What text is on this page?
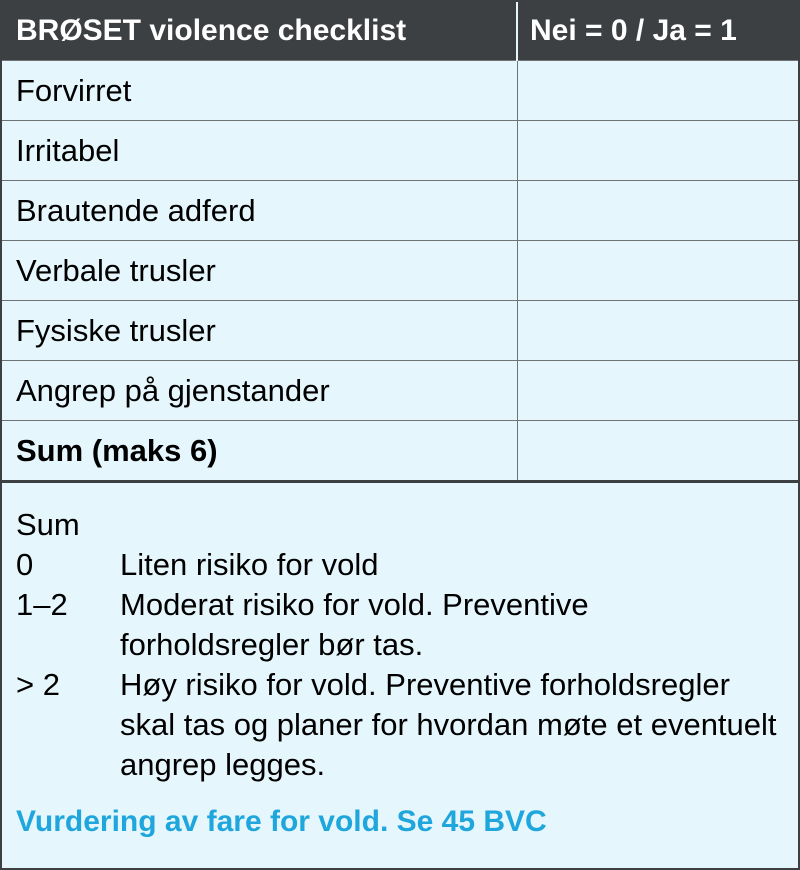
BRØSET violence checklist	Nei = 0 / Ja = 1
Forvirret	
Irritabel	
Brautende adferd	
Verbale trusler	
Fysiske trusler	
Angrep på gjenstander	
Sum (maks 6)	
Sum
0	Liten risiko for vold
1–2	Moderat risiko for vold. Preventive forholdsregler bør tas.
> 2	Høy risiko for vold. Preventive forholdsregler skal tas og planer for hvordan møte et eventuelt angrep legges.
Vurdering av fare for vold. Se 45 BVC
